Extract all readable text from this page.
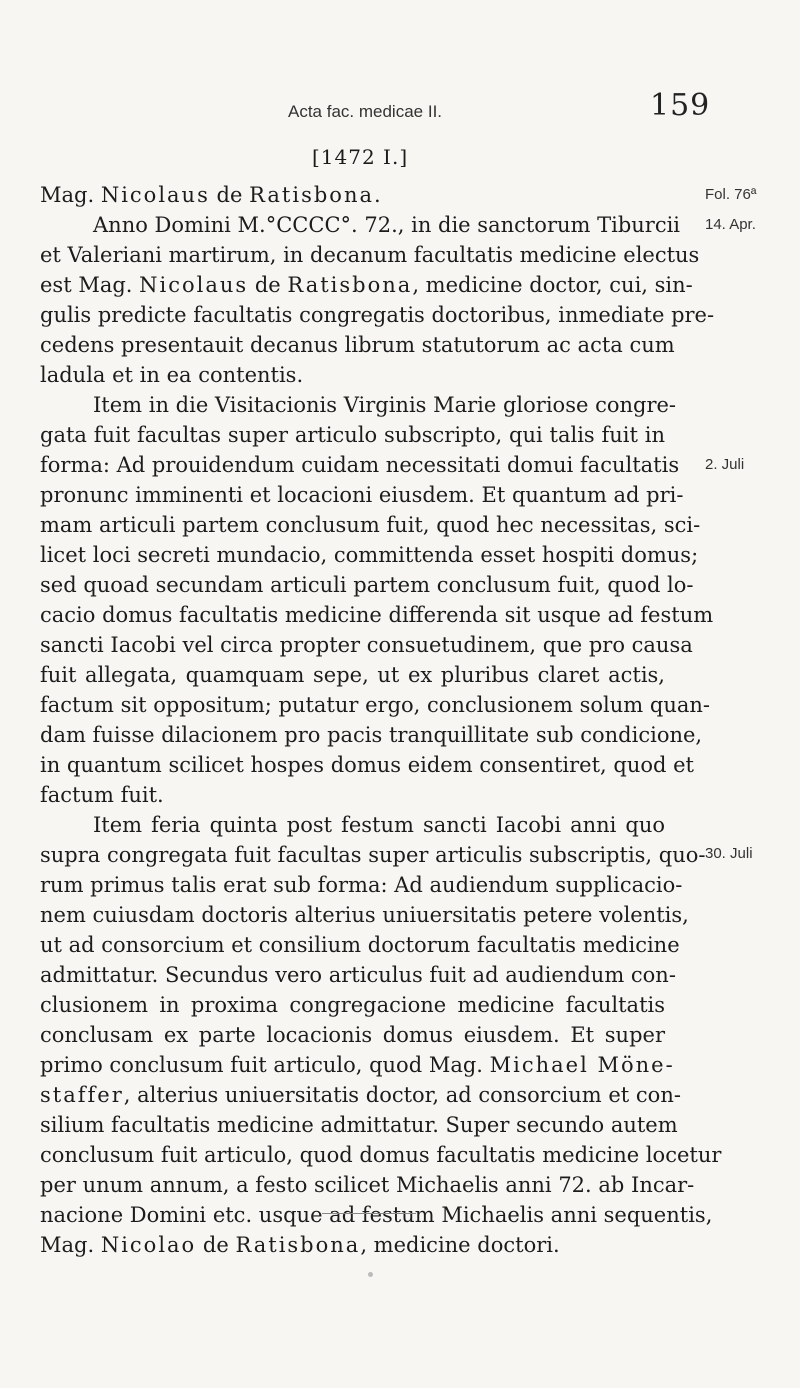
Acta fac. medicae II.	159
[1472 I.]
Fol. 76ª
14. Apr.
2. Juli
30. Juli
Mag. Nicolaus de Ratisbona.
Anno Domini M.°CCCC°. 72., in die sanctorum Tiburcii
et Valeriani martirum, in decanum facultatis medicine electus
est Mag. Nicolaus de Ratisbona, medicine doctor, cui, sin-
gulis predicte facultatis congregatis doctoribus, inmediate pre-
cedens presentauit decanus librum statutorum ac acta cum
ladula et in ea contentis.
Item in die Visitacionis Virginis Marie gloriose congre-
gata fuit facultas super articulo subscripto, qui talis fuit in
forma: Ad prouidendum cuidam necessitati domui facultatis
pronunc imminenti et locacioni eiusdem. Et quantum ad pri-
mam articuli partem conclusum fuit, quod hec necessitas, sci-
licet loci secreti mundacio, committenda esset hospiti domus;
sed quoad secundam articuli partem conclusum fuit, quod lo-
cacio domus facultatis medicine differenda sit usque ad festum
sancti Iacobi vel circa propter consuetudinem, que pro causa
fuit allegata, quamquam sepe, ut ex pluribus claret actis,
factum sit oppositum; putatur ergo, conclusionem solum quan-
dam fuisse dilacionem pro pacis tranquillitate sub condicione,
in quantum scilicet hospes domus eidem consentiret, quod et
factum fuit.
Item feria quinta post festum sancti Iacobi anni quo
supra congregata fuit facultas super articulis subscriptis, quo-
rum primus talis erat sub forma: Ad audiendum supplicacio-
nem cuiusdam doctoris alterius uniuersitatis petere volentis,
ut ad consorcium et consilium doctorum facultatis medicine
admittatur. Secundus vero articulus fuit ad audiendum con-
clusionem in proxima congregacione medicine facultatis
conclusam ex parte locacionis domus eiusdem. Et super
primo conclusum fuit articulo, quod Mag. Michael Möne-
staffer, alterius uniuersitatis doctor, ad consorcium et con-
silium facultatis medicine admittatur. Super secundo autem
conclusum fuit articulo, quod domus facultatis medicine locetur
per unum annum, a festo scilicet Michaelis anni 72. ab Incar-
nacione Domini etc. usque ad festum Michaelis anni sequentis,
Mag. Nicolao de Ratisbona, medicine doctori.
